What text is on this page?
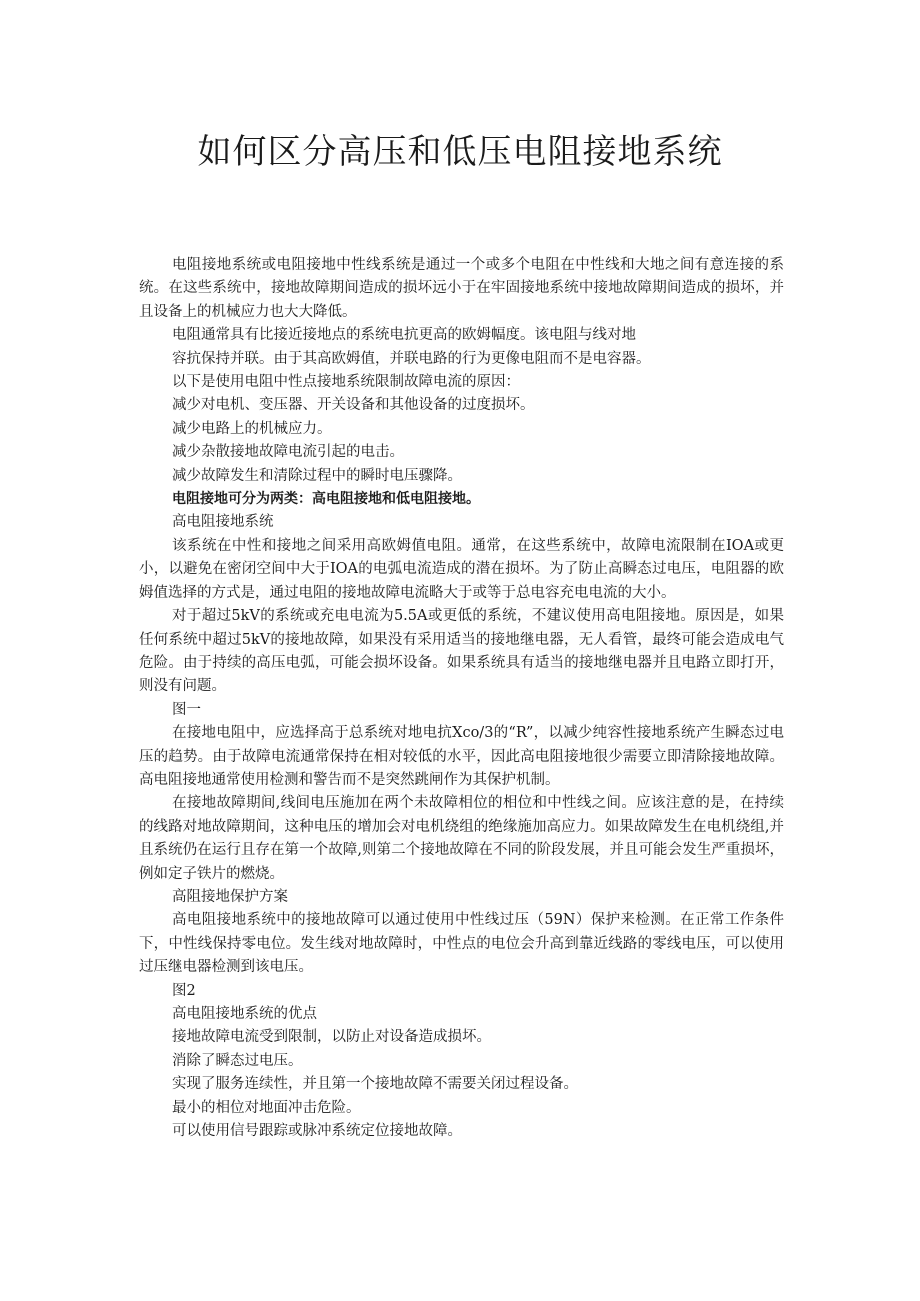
如何区分高压和低压电阻接地系统

电阻接地系统或电阻接地中性线系统是通过一个或多个电阻在中性线和大地之间有意连接的系统。在这些系统中，接地故障期间造成的损坏远小于在牢固接地系统中接地故障期间造成的损坏，并且设备上的机械应力也大大降低。

电阻通常具有比接近接地点的系统电抗更高的欧姆幅度。该电阻与线对地

容抗保持并联。由于其高欧姆值，并联电路的行为更像电阻而不是电容器。

以下是使用电阻中性点接地系统限制故障电流的原因：

减少对电机、变压器、开关设备和其他设备的过度损坏。

减少电路上的机械应力。

减少杂散接地故障电流引起的电击。

减少故障发生和清除过程中的瞬时电压骤降。

电阻接地可分为两类：高电阻接地和低电阻接地。

高电阻接地系统

该系统在中性和接地之间采用高欧姆值电阻。通常，在这些系统中，故障电流限制在IOA或更小，以避免在密闭空间中大于IOA的电弧电流造成的潜在损坏。为了防止高瞬态过电压，电阻器的欧姆值选择的方式是，通过电阻的接地故障电流略大于或等于总电容充电电流的大小。

对于超过5kV的系统或充电电流为5.5A或更低的系统，不建议使用高电阻接地。原因是，如果任何系统中超过5kV的接地故障，如果没有采用适当的接地继电器，无人看管，最终可能会造成电气危险。由于持续的高压电弧，可能会损坏设备。如果系统具有适当的接地继电器并且电路立即打开，则没有问题。

图一

在接地电阻中，应选择高于总系统对地电抗Xco/3的“R”，以减少纯容性接地系统产生瞬态过电压的趋势。由于故障电流通常保持在相对较低的水平，因此高电阻接地很少需要立即清除接地故障。高电阻接地通常使用检测和警告而不是突然跳闸作为其保护机制。

在接地故障期间,线间电压施加在两个未故障相位的相位和中性线之间。应该注意的是，在持续的线路对地故障期间，这种电压的增加会对电机绕组的绝缘施加高应力。如果故障发生在电机绕组,并且系统仍在运行且存在第一个故障,则第二个接地故障在不同的阶段发展，并且可能会发生严重损坏，例如定子铁片的燃烧。

高阻接地保护方案

高电阻接地系统中的接地故障可以通过使用中性线过压（59N）保护来检测。在正常工作条件下，中性线保持零电位。发生线对地故障时，中性点的电位会升高到靠近线路的零线电压，可以使用过压继电器检测到该电压。

图2

高电阻接地系统的优点

接地故障电流受到限制，以防止对设备造成损坏。

消除了瞬态过电压。

实现了服务连续性，并且第一个接地故障不需要关闭过程设备。

最小的相位对地面冲击危险。

可以使用信号跟踪或脉冲系统定位接地故障。
